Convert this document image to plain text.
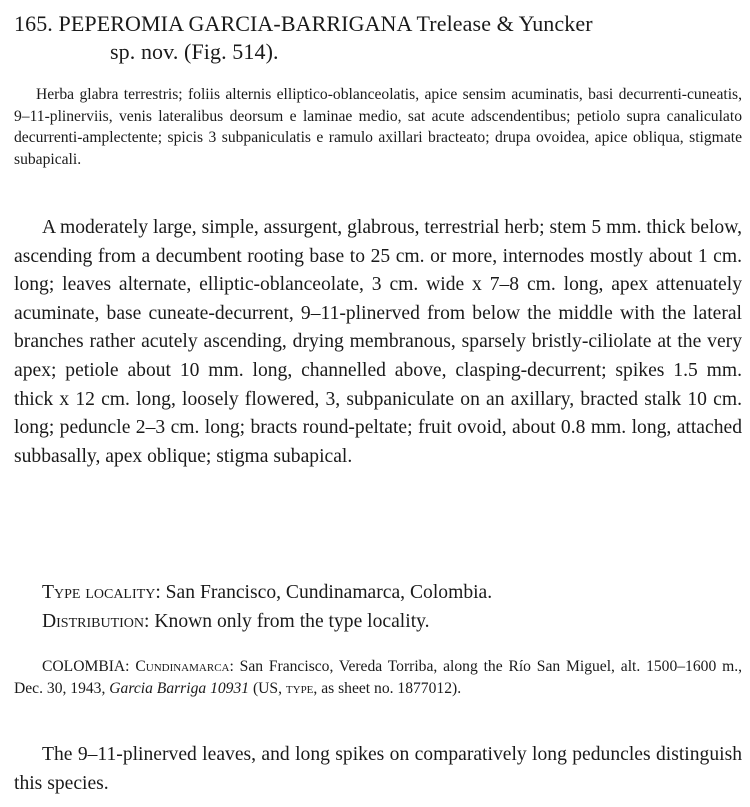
165. PEPEROMIA GARCIA-BARRIGANA Trelease & Yuncker
sp. nov. (Fig. 514).

Herba glabra terrestris; foliis alternis elliptico-oblanceolatis, apice sensim acuminatis, basi decurrenti-cuneatis, 9–11-plinerviis, venis lateralibus deorsum e laminae medio, sat acute adscendentibus; petiolo supra canaliculato decurrenti-amplectente; spicis 3 subpaniculatis e ramulo axillari bracteato; drupa ovoidea, apice obliqua, stigmate subapicali.

A moderately large, simple, assurgent, glabrous, terrestrial herb; stem 5 mm. thick below, ascending from a decumbent rooting base to 25 cm. or more, internodes mostly about 1 cm. long; leaves alternate, elliptic-oblanceolate, 3 cm. wide x 7–8 cm. long, apex attenuately acuminate, base cuneate-decurrent, 9–11-plinerved from below the middle with the lateral branches rather acutely ascending, drying membranous, sparsely bristly-ciliolate at the very apex; petiole about 10 mm. long, channelled above, clasping-decurrent; spikes 1.5 mm. thick x 12 cm. long, loosely flowered, 3, subpaniculate on an axillary, bracted stalk 10 cm. long; peduncle 2–3 cm. long; bracts round-peltate; fruit ovoid, about 0.8 mm. long, attached subbasally, apex oblique; stigma subapical.

Type locality: San Francisco, Cundinamarca, Colombia.
Distribution: Known only from the type locality.

COLOMBIA: Cundinamarca: San Francisco, Vereda Torriba, along the Río San Miguel, alt. 1500–1600 m., Dec. 30, 1943, Garcia Barriga 10931 (US, type, as sheet no. 1877012).

The 9–11-plinerved leaves, and long spikes on comparatively long peduncles distinguish this species.
